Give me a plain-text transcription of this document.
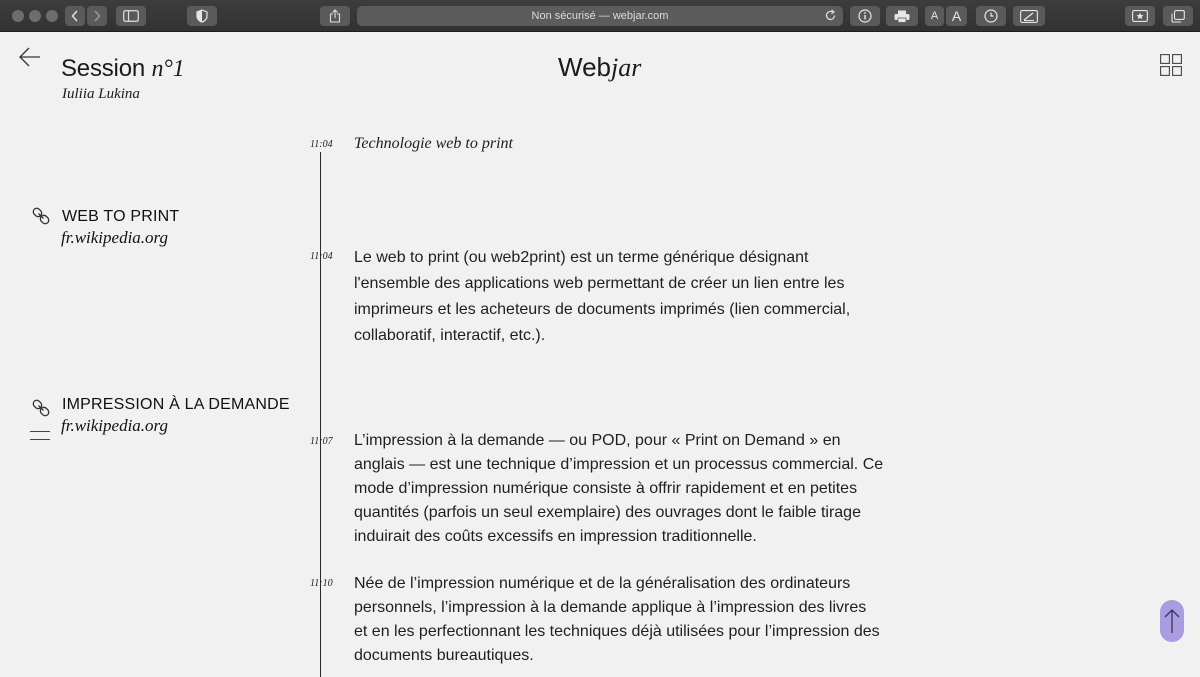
Non sécurisé — webjar.com	A A
Session n°1
Iuliia Lukina
Webjar
WEB TO PRINT
fr.wikipedia.org
IMPRESSION À LA DEMANDE
fr.wikipedia.org
11:04 Technologie web to print
11:04 Le web to print (ou web2print) est un terme générique désignant l'ensemble des applications web permettant de créer un lien entre les imprimeurs et les acheteurs de documents imprimés (lien commercial, collaboratif, interactif, etc.).
11:07 L’impression à la demande — ou POD, pour « Print on Demand » en anglais — est une technique d’impression et un processus commercial. Ce mode d’impression numérique consiste à offrir rapidement et en petites quantités (parfois un seul exemplaire) des ouvrages dont le faible tirage induirait des coûts excessifs en impression traditionnelle.
11:10 Née de l’impression numérique et de la généralisation des ordinateurs personnels, l’impression à la demande applique à l’impression des livres et en les perfectionnant les techniques déjà utilisées pour l’impression des documents bureautiques.
